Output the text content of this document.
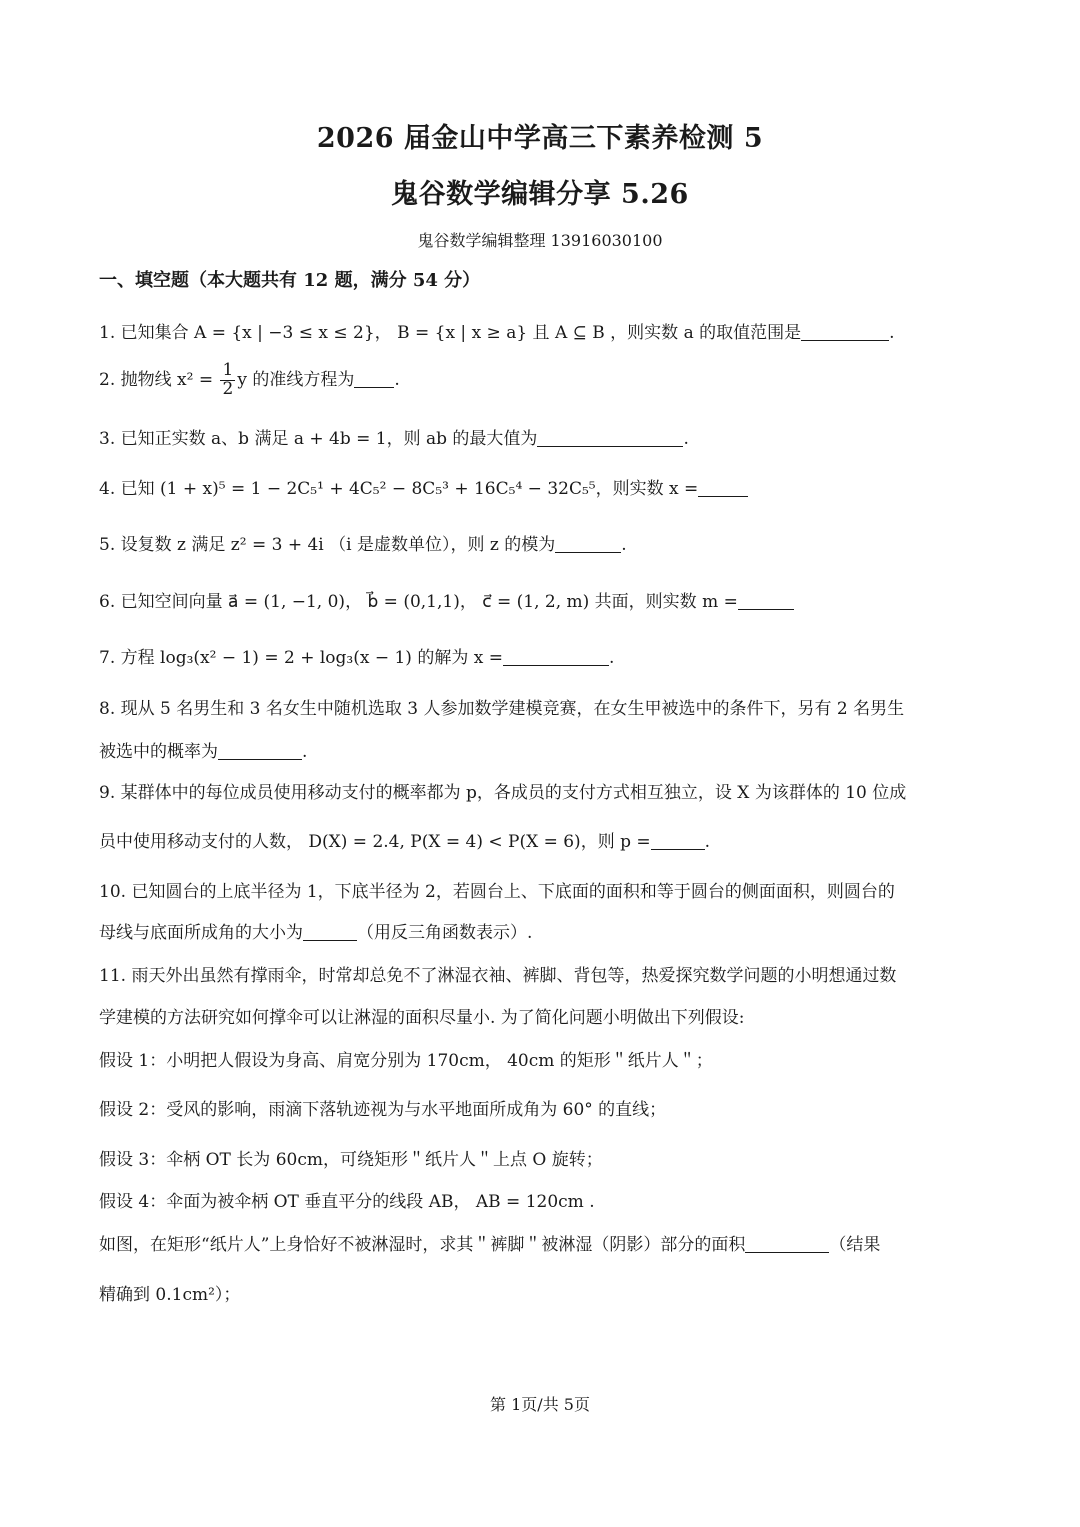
2026 届金山中学高三下素养检测 5
鬼谷数学编辑分享 5.26
鬼谷数学编辑整理 13916030100
一、填空题（本大题共有 12 题，满分 54 分）
1. 已知集合 A = {x | −3 ≤ x ≤ 2}， B = {x | x ≥ a} 且 A ⊆ B ，则实数 a 的取值范围是	.
2. 抛物线 $x^2 = \frac{1}{2}$ y 的准线方程为 .
3. 已知正实数 a、b 满足 a + 4b = 1，则 ab 的最大值为	.
4. 已知 (1 + x)⁵ = 1 − 2C₅¹ + 4C₅² − 8C₅³ + 16C₅⁴ − 32C₅⁵，则实数 x =
5. 设复数 z 满足 z² = 3 + 4i （i 是虚数单位），则 z 的模为	.
6. 已知空间向量 a⃗ = (1, −1, 0)， b⃗ = (0,1,1)， c⃗ = (1, 2, m) 共面，则实数 m =
7. 方程 log₃(x² − 1) = 2 + log₃(x − 1) 的解为 x =	.
8. 现从 5 名男生和 3 名女生中随机选取 3 人参加数学建模竞赛，在女生甲被选中的条件下，另有 2 名男生
被选中的概率为	.
9. 某群体中的每位成员使用移动支付的概率都为 p，各成员的支付方式相互独立，设 X 为该群体的 10 位成
员中使用移动支付的人数， D(X) = 2.4, P(X = 4) < P(X = 6)，则 p =	.
10. 已知圆台的上底半径为 1，下底半径为 2，若圆台上、下底面的面积和等于圆台的侧面面积，则圆台的
母线与底面所成角的大小为	（用反三角函数表示）.
11. 雨天外出虽然有撑雨伞，时常却总免不了淋湿衣袖、裤脚、背包等，热爱探究数学问题的小明想通过数
学建模的方法研究如何撑伞可以让淋湿的面积尽量小. 为了简化问题小明做出下列假设:
假设 1：小明把人假设为身高、肩宽分别为 170cm， 40cm 的矩形＂纸片人＂；
假设 2：受风的影响，雨滴下落轨迹视为与水平地面所成角为 60° 的直线；
假设 3：伞柄 OT 长为 60cm，可绕矩形＂纸片人＂上点 O 旋转；
假设 4：伞面为被伞柄 OT 垂直平分的线段 AB， AB = 120cm .
如图，在矩形“纸片人”上身恰好不被淋湿时，求其＂裤脚＂被淋湿（阴影）部分的面积	（结果
精确到 0.1cm²）；
第 1页/共 5页
